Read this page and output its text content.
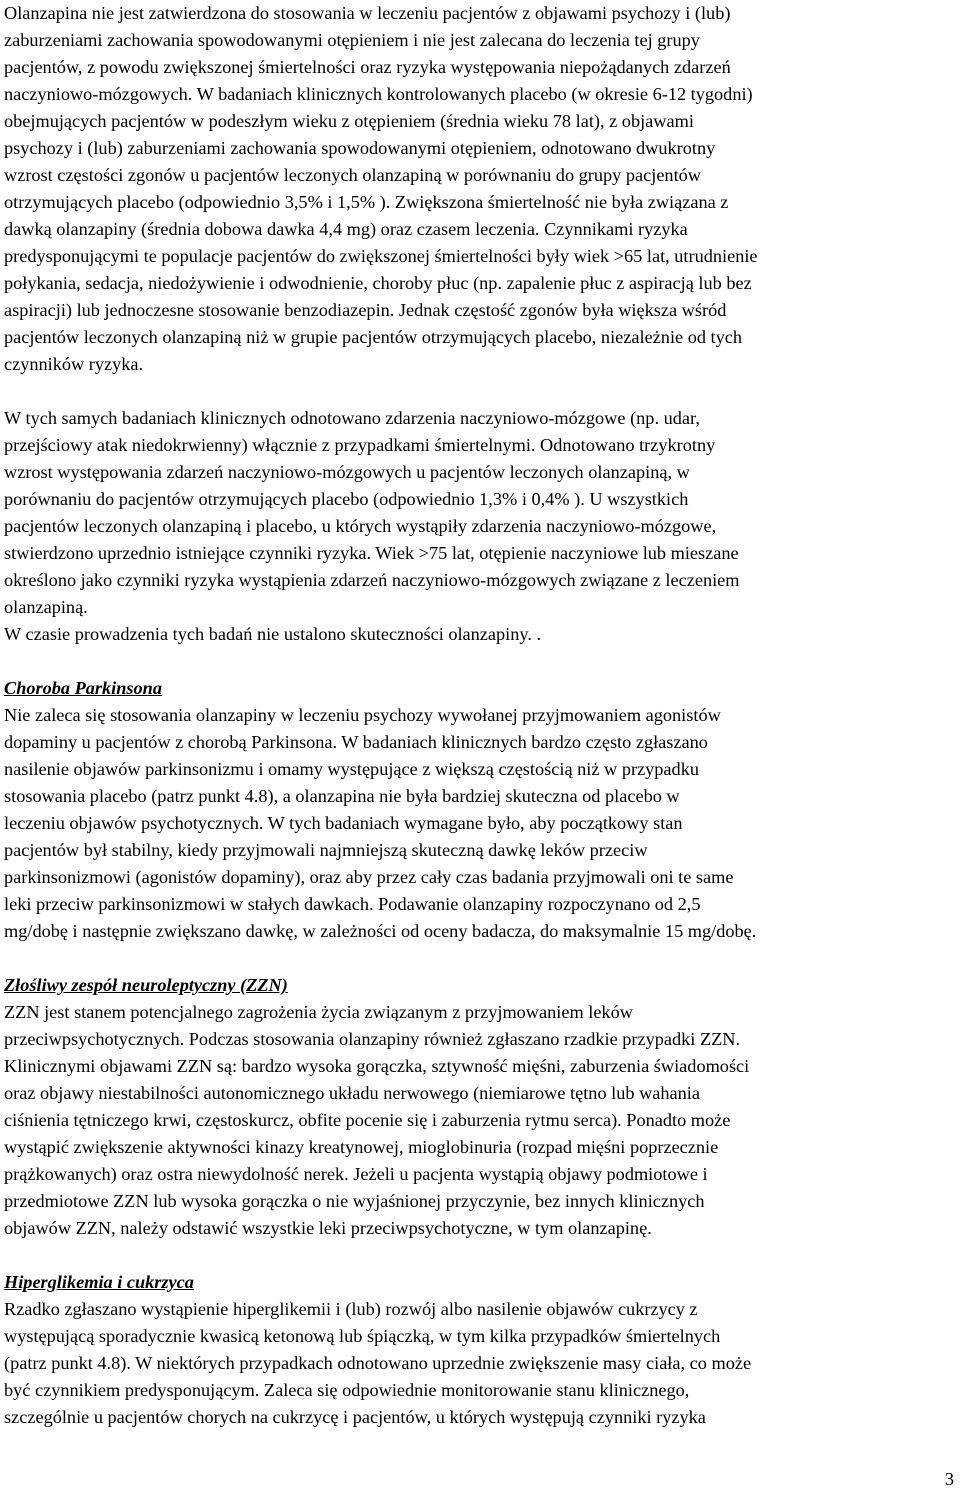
Olanzapina nie jest zatwierdzona do stosowania w leczeniu pacjentów z objawami psychozy i (lub)
zaburzeniami zachowania spowodowanymi otępieniem i nie jest zalecana do leczenia tej grupy
pacjentów, z powodu zwiększonej śmiertelności oraz ryzyka występowania niepożądanych zdarzeń
naczyniowo-mózgowych. W badaniach klinicznych kontrolowanych placebo (w okresie 6-12 tygodni)
obejmujących pacjentów w podeszłym wieku z otępieniem (średnia wieku 78 lat), z objawami
psychozy i (lub) zaburzeniami zachowania spowodowanymi otępieniem, odnotowano dwukrotny
wzrost częstości zgonów u pacjentów leczonych olanzapiną w porównaniu do grupy pacjentów
otrzymujących placebo (odpowiednio 3,5% i 1,5% ). Zwiększona śmiertelność nie była związana z
dawką olanzapiny (średnia dobowa dawka 4,4 mg) oraz czasem leczenia. Czynnikami ryzyka
predysponującymi te populacje pacjentów do zwiększonej śmiertelności były wiek >65 lat, utrudnienie
połykania, sedacja, niedożywienie i odwodnienie, choroby płuc (np. zapalenie płuc z aspiracją lub bez
aspiracji) lub jednoczesne stosowanie benzodiazepin. Jednak częstość zgonów była większa wśród
pacjentów leczonych olanzapiną niż w grupie pacjentów otrzymujących placebo, niezależnie od tych
czynników ryzyka.
W tych samych badaniach klinicznych odnotowano zdarzenia naczyniowo-mózgowe (np. udar,
przejściowy atak niedokrwienny) włącznie z przypadkami śmiertelnymi. Odnotowano trzykrotny
wzrost występowania zdarzeń naczyniowo-mózgowych u pacjentów leczonych olanzapiną, w
porównaniu do pacjentów otrzymujących placebo (odpowiednio 1,3% i 0,4% ). U wszystkich
pacjentów leczonych olanzapiną i placebo, u których wystąpiły zdarzenia naczyniowo-mózgowe,
stwierdzono uprzednio istniejące czynniki ryzyka. Wiek >75 lat, otępienie naczyniowe lub mieszane
określono jako czynniki ryzyka wystąpienia zdarzeń naczyniowo-mózgowych związane z leczeniem
olanzapiną.
W czasie prowadzenia tych badań nie ustalono skuteczności olanzapiny. .
Choroba Parkinsona
Nie zaleca się stosowania olanzapiny w leczeniu psychozy wywołanej przyjmowaniem agonistów
dopaminy u pacjentów z chorobą Parkinsona. W badaniach klinicznych bardzo często zgłaszano
nasilenie objawów parkinsonizmu i omamy występujące z większą częstością niż w przypadku
stosowania placebo (patrz punkt 4.8), a olanzapina nie była bardziej skuteczna od placebo w
leczeniu objawów psychotycznych. W tych badaniach wymagane było, aby początkowy stan
pacjentów był stabilny, kiedy przyjmowali najmniejszą skuteczną dawkę leków przeciw
parkinsonizmowi (agonistów dopaminy), oraz aby przez cały czas badania przyjmowali oni te same
leki przeciw parkinsonizmowi w stałych dawkach. Podawanie olanzapiny rozpoczynano od 2,5
mg/dobę i następnie zwiększano dawkę, w zależności od oceny badacza, do maksymalnie 15 mg/dobę.
Złośliwy zespół neuroleptyczny (ZZN)
ZZN jest stanem potencjalnego zagrożenia życia związanym z przyjmowaniem leków
przeciwpsychotycznych. Podczas stosowania olanzapiny również zgłaszano rzadkie przypadki ZZN.
Klinicznymi objawami ZZN są: bardzo wysoka gorączka, sztywność mięśni, zaburzenia świadomości
oraz objawy niestabilności autonomicznego układu nerwowego (niemiarowe tętno lub wahania
ciśnienia tętniczego krwi, częstoskurcz, obfite pocenie się i zaburzenia rytmu serca). Ponadto może
wystąpić zwiększenie aktywności kinazy kreatynowej, mioglobinuria (rozpad mięśni poprzecznie
prążkowanych) oraz ostra niewydolność nerek. Jeżeli u pacjenta wystąpią objawy podmiotowe i
przedmiotowe ZZN lub wysoka gorączka o nie wyjaśnionej przyczynie, bez innych klinicznych
objawów ZZN, należy odstawić wszystkie leki przeciwpsychotyczne, w tym olanzapinę.
Hiperglikemia i cukrzyca
Rzadko zgłaszano wystąpienie hiperglikemii i (lub) rozwój albo nasilenie objawów cukrzycy z
występującą sporadycznie kwasicą ketonową lub śpiączką, w tym kilka przypadków śmiertelnych
(patrz punkt 4.8). W niektórych przypadkach odnotowano uprzednie zwiększenie masy ciała, co może
być czynnikiem predysponującym. Zaleca się odpowiednie monitorowanie stanu klinicznego,
szczególnie u pacjentów chorych na cukrzycę i pacjentów, u których występują czynniki ryzyka
3
